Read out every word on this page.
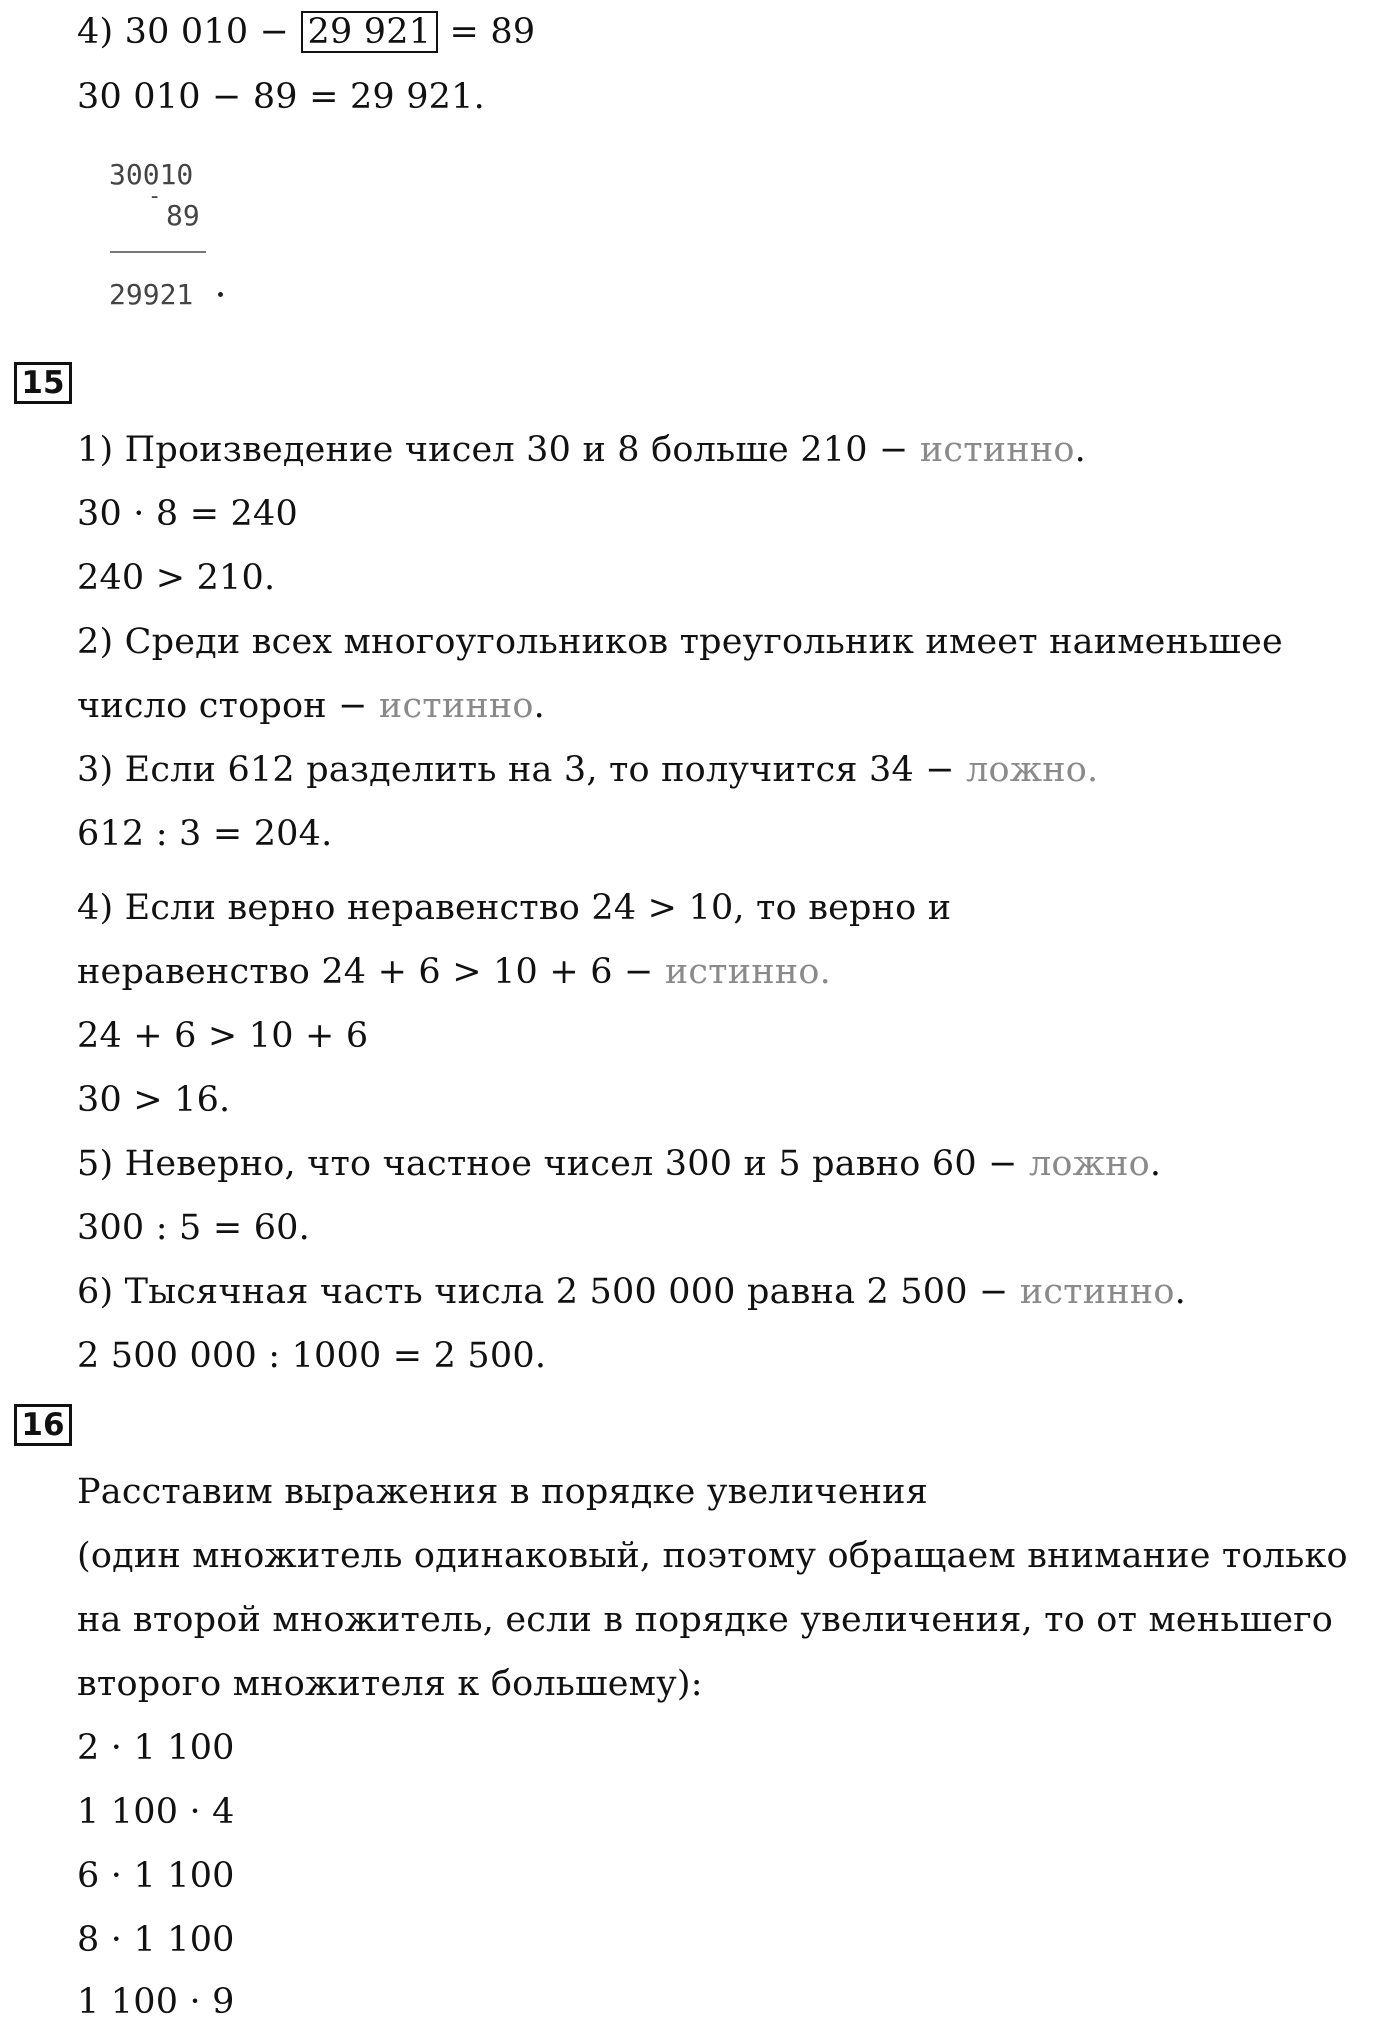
4) 30 010 − 29 921 = 89

30 010 − 89 = 29 921.

30010
-
89
29921
15

1) Произведение чисел 30 и 8 больше 210 − истинно.

30 · 8 = 240

240 > 210.

2) Среди всех многоугольников треугольник имеет наименьшее

число сторон − истинно.

3) Если 612 разделить на 3, то получится 34 − ложно.

612 : 3 = 204.

4) Если верно неравенство 24 > 10, то верно и

неравенство 24 + 6 > 10 + 6 − истинно.

24 + 6 > 10 + 6

30 > 16.

5) Неверно, что частное чисел 300 и 5 равно 60 − ложно.

300 : 5 = 60.

6) Тысячная часть числа 2 500 000 равна 2 500 − истинно.

2 500 000 : 1000 = 2 500.

16

Расставим выражения в порядке увеличения

(один множитель одинаковый, поэтому обращаем внимание только

на второй множитель, если в порядке увеличения, то от меньшего

второго множителя к большему):

2 · 1 100

1 100 · 4

6 · 1 100

8 · 1 100

1 100 · 9
